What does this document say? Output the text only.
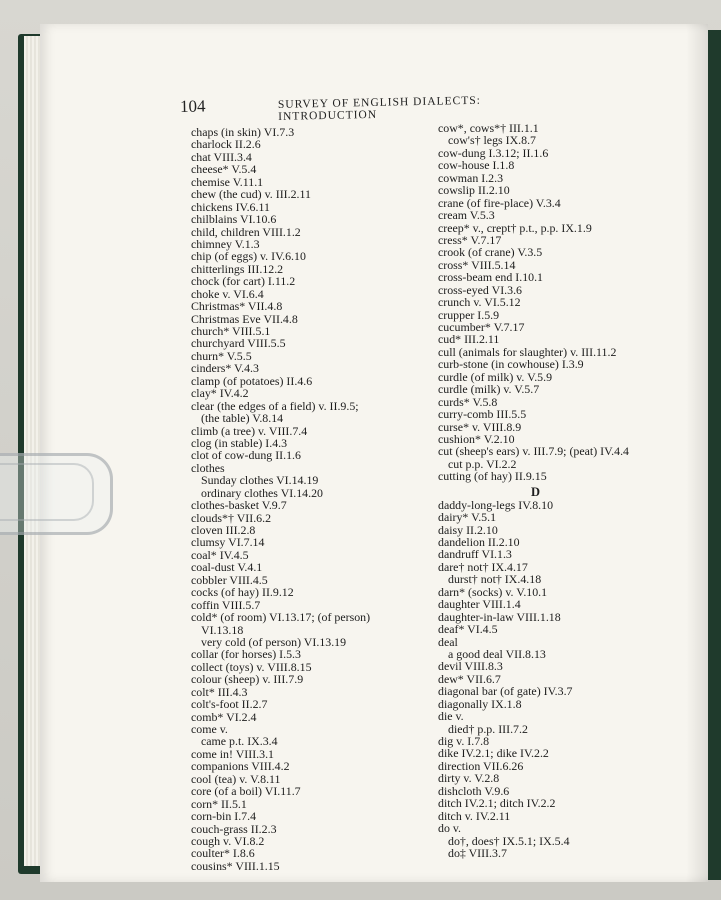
104	SURVEY OF ENGLISH DIALECTS: INTRODUCTION
chaps (in skin) VI.7.3
charlock II.2.6
chat VIII.3.4
cheese* V.5.4
chemise V.11.1
chew (the cud) v. III.2.11
chickens IV.6.11
chilblains VI.10.6
child, children VIII.1.2
chimney V.1.3
chip (of eggs) v. IV.6.10
chitterlings III.12.2
chock (for cart) I.11.2
choke v. VI.6.4
Christmas* VII.4.8
Christmas Eve VII.4.8
church* VIII.5.1
churchyard VIII.5.5
churn* V.5.5
cinders* V.4.3
clamp (of potatoes) II.4.6
clay* IV.4.2
clear (the edges of a field) v. II.9.5;
(the table) V.8.14
climb (a tree) v. VIII.7.4
clog (in stable) I.4.3
clot of cow-dung II.1.6
clothes
Sunday clothes VI.14.19
ordinary clothes VI.14.20
clothes-basket V.9.7
clouds*† VII.6.2
cloven III.2.8
clumsy VI.7.14
coal* IV.4.5
coal-dust V.4.1
cobbler VIII.4.5
cocks (of hay) II.9.12
coffin VIII.5.7
cold* (of room) VI.13.17; (of person)
VI.13.18
very cold (of person) VI.13.19
collar (for horses) I.5.3
collect (toys) v. VIII.8.15
colour (sheep) v. III.7.9
colt* III.4.3
colt's-foot II.2.7
comb* VI.2.4
come v.
came p.t. IX.3.4
come in! VIII.3.1
companions VIII.4.2
cool (tea) v. V.8.11
core (of a boil) VI.11.7
corn* II.5.1
corn-bin I.7.4
couch-grass II.2.3
cough v. VI.8.2
coulter* I.8.6
cousins* VIII.1.15
cow*, cows*† III.1.1
cow's† legs IX.8.7
cow-dung I.3.12; II.1.6
cow-house I.1.8
cowman I.2.3
cowslip II.2.10
crane (of fire-place) V.3.4
cream V.5.3
creep* v., crept† p.t., p.p. IX.1.9
cress* V.7.17
crook (of crane) V.3.5
cross* VIII.5.14
cross-beam end I.10.1
cross-eyed VI.3.6
crunch v. VI.5.12
crupper I.5.9
cucumber* V.7.17
cud* III.2.11
cull (animals for slaughter) v. III.11.2
curb-stone (in cowhouse) I.3.9
curdle (of milk) v. V.5.9
curdle (milk) v. V.5.7
curds* V.5.8
curry-comb III.5.5
curse* v. VIII.8.9
cushion* V.2.10
cut (sheep's ears) v. III.7.9; (peat) IV.4.4
cut p.p. VI.2.2
cutting (of hay) II.9.15
D
daddy-long-legs IV.8.10
dairy* V.5.1
daisy II.2.10
dandelion II.2.10
dandruff VI.1.3
dare† not† IX.4.17
durst† not† IX.4.18
darn* (socks) v. V.10.1
daughter VIII.1.4
daughter-in-law VIII.1.18
deaf* VI.4.5
deal
a good deal VII.8.13
devil VIII.8.3
dew* VII.6.7
diagonal bar (of gate) IV.3.7
diagonally IX.1.8
die v.
died† p.p. III.7.2
dig v. I.7.8
dike IV.2.1; dike IV.2.2
direction VII.6.26
dirty v. V.2.8
dishcloth V.9.6
ditch IV.2.1; ditch IV.2.2
ditch v. IV.2.11
do v.
do†, does† IX.5.1; IX.5.4
do‡ VIII.3.7
